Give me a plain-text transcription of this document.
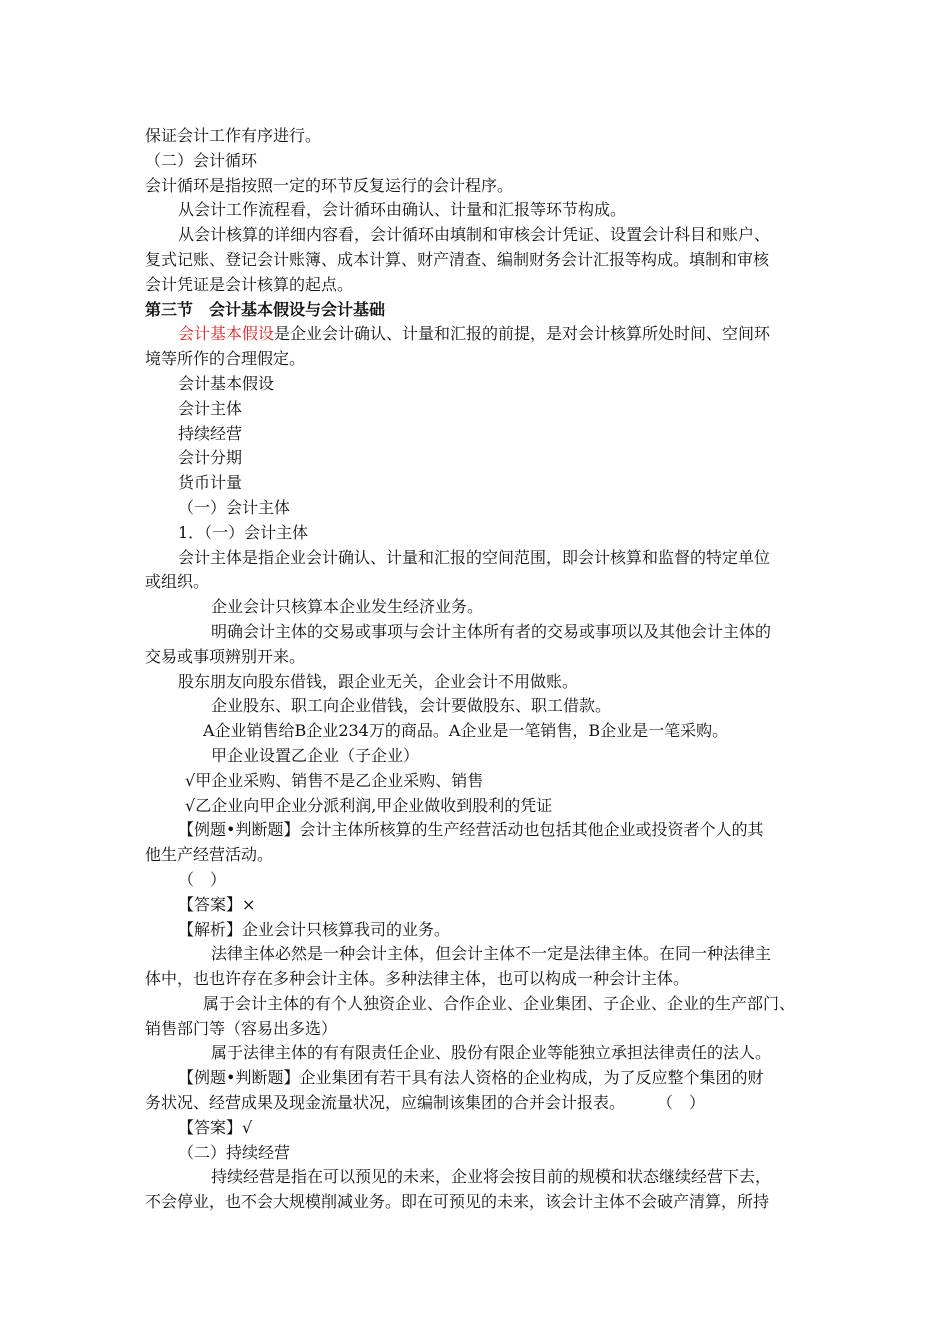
保证会计工作有序进行。
（二）会计循环
会计循环是指按照一定的环节反复运行的会计程序。
从会计工作流程看，会计循环由确认、计量和汇报等环节构成。
从会计核算的详细内容看，会计循环由填制和审核会计凭证、设置会计科目和账户、
复式记账、登记会计账簿、成本计算、财产清查、编制财务会计汇报等构成。填制和审核
会计凭证是会计核算的起点。
第三节　会计基本假设与会计基础
会计基本假设是企业会计确认、计量和汇报的前提，是对会计核算所处时间、空间环
境等所作的合理假定。
会计基本假设
会计主体
持续经营
会计分期
货币计量
（一）会计主体
1．（一）会计主体
会计主体是指企业会计确认、计量和汇报的空间范围，即会计核算和监督的特定单位
或组织。
企业会计只核算本企业发生经济业务。
明确会计主体的交易或事项与会计主体所有者的交易或事项以及其他会计主体的
交易或事项辨别开来。
股东朋友向股东借钱，跟企业无关，企业会计不用做账。
企业股东、职工向企业借钱，会计要做股东、职工借款。
A企业销售给B企业234万的商品。A企业是一笔销售，B企业是一笔采购。
甲企业设置乙企业（子企业）
√甲企业采购、销售不是乙企业采购、销售
√乙企业向甲企业分派利润,甲企业做收到股利的凭证
【例题•判断题】会计主体所核算的生产经营活动也包括其他企业或投资者个人的其
他生产经营活动。
（　）
【答案】×
【解析】企业会计只核算我司的业务。
法律主体必然是一种会计主体，但会计主体不一定是法律主体。在同一种法律主
体中，也也许存在多种会计主体。多种法律主体，也可以构成一种会计主体。
属于会计主体的有个人独资企业、合作企业、企业集团、子企业、企业的生产部门、
销售部门等（容易出多选）
属于法律主体的有有限责任企业、股份有限企业等能独立承担法律责任的法人。
【例题•判断题】企业集团有若干具有法人资格的企业构成，为了反应整个集团的财
务状况、经营成果及现金流量状况，应编制该集团的合并会计报表。　　　（　）
【答案】√
（二）持续经营
持续经营是指在可以预见的未来，企业将会按目前的规模和状态继续经营下去，
不会停业，也不会大规模削减业务。即在可预见的未来，该会计主体不会破产清算，所持
